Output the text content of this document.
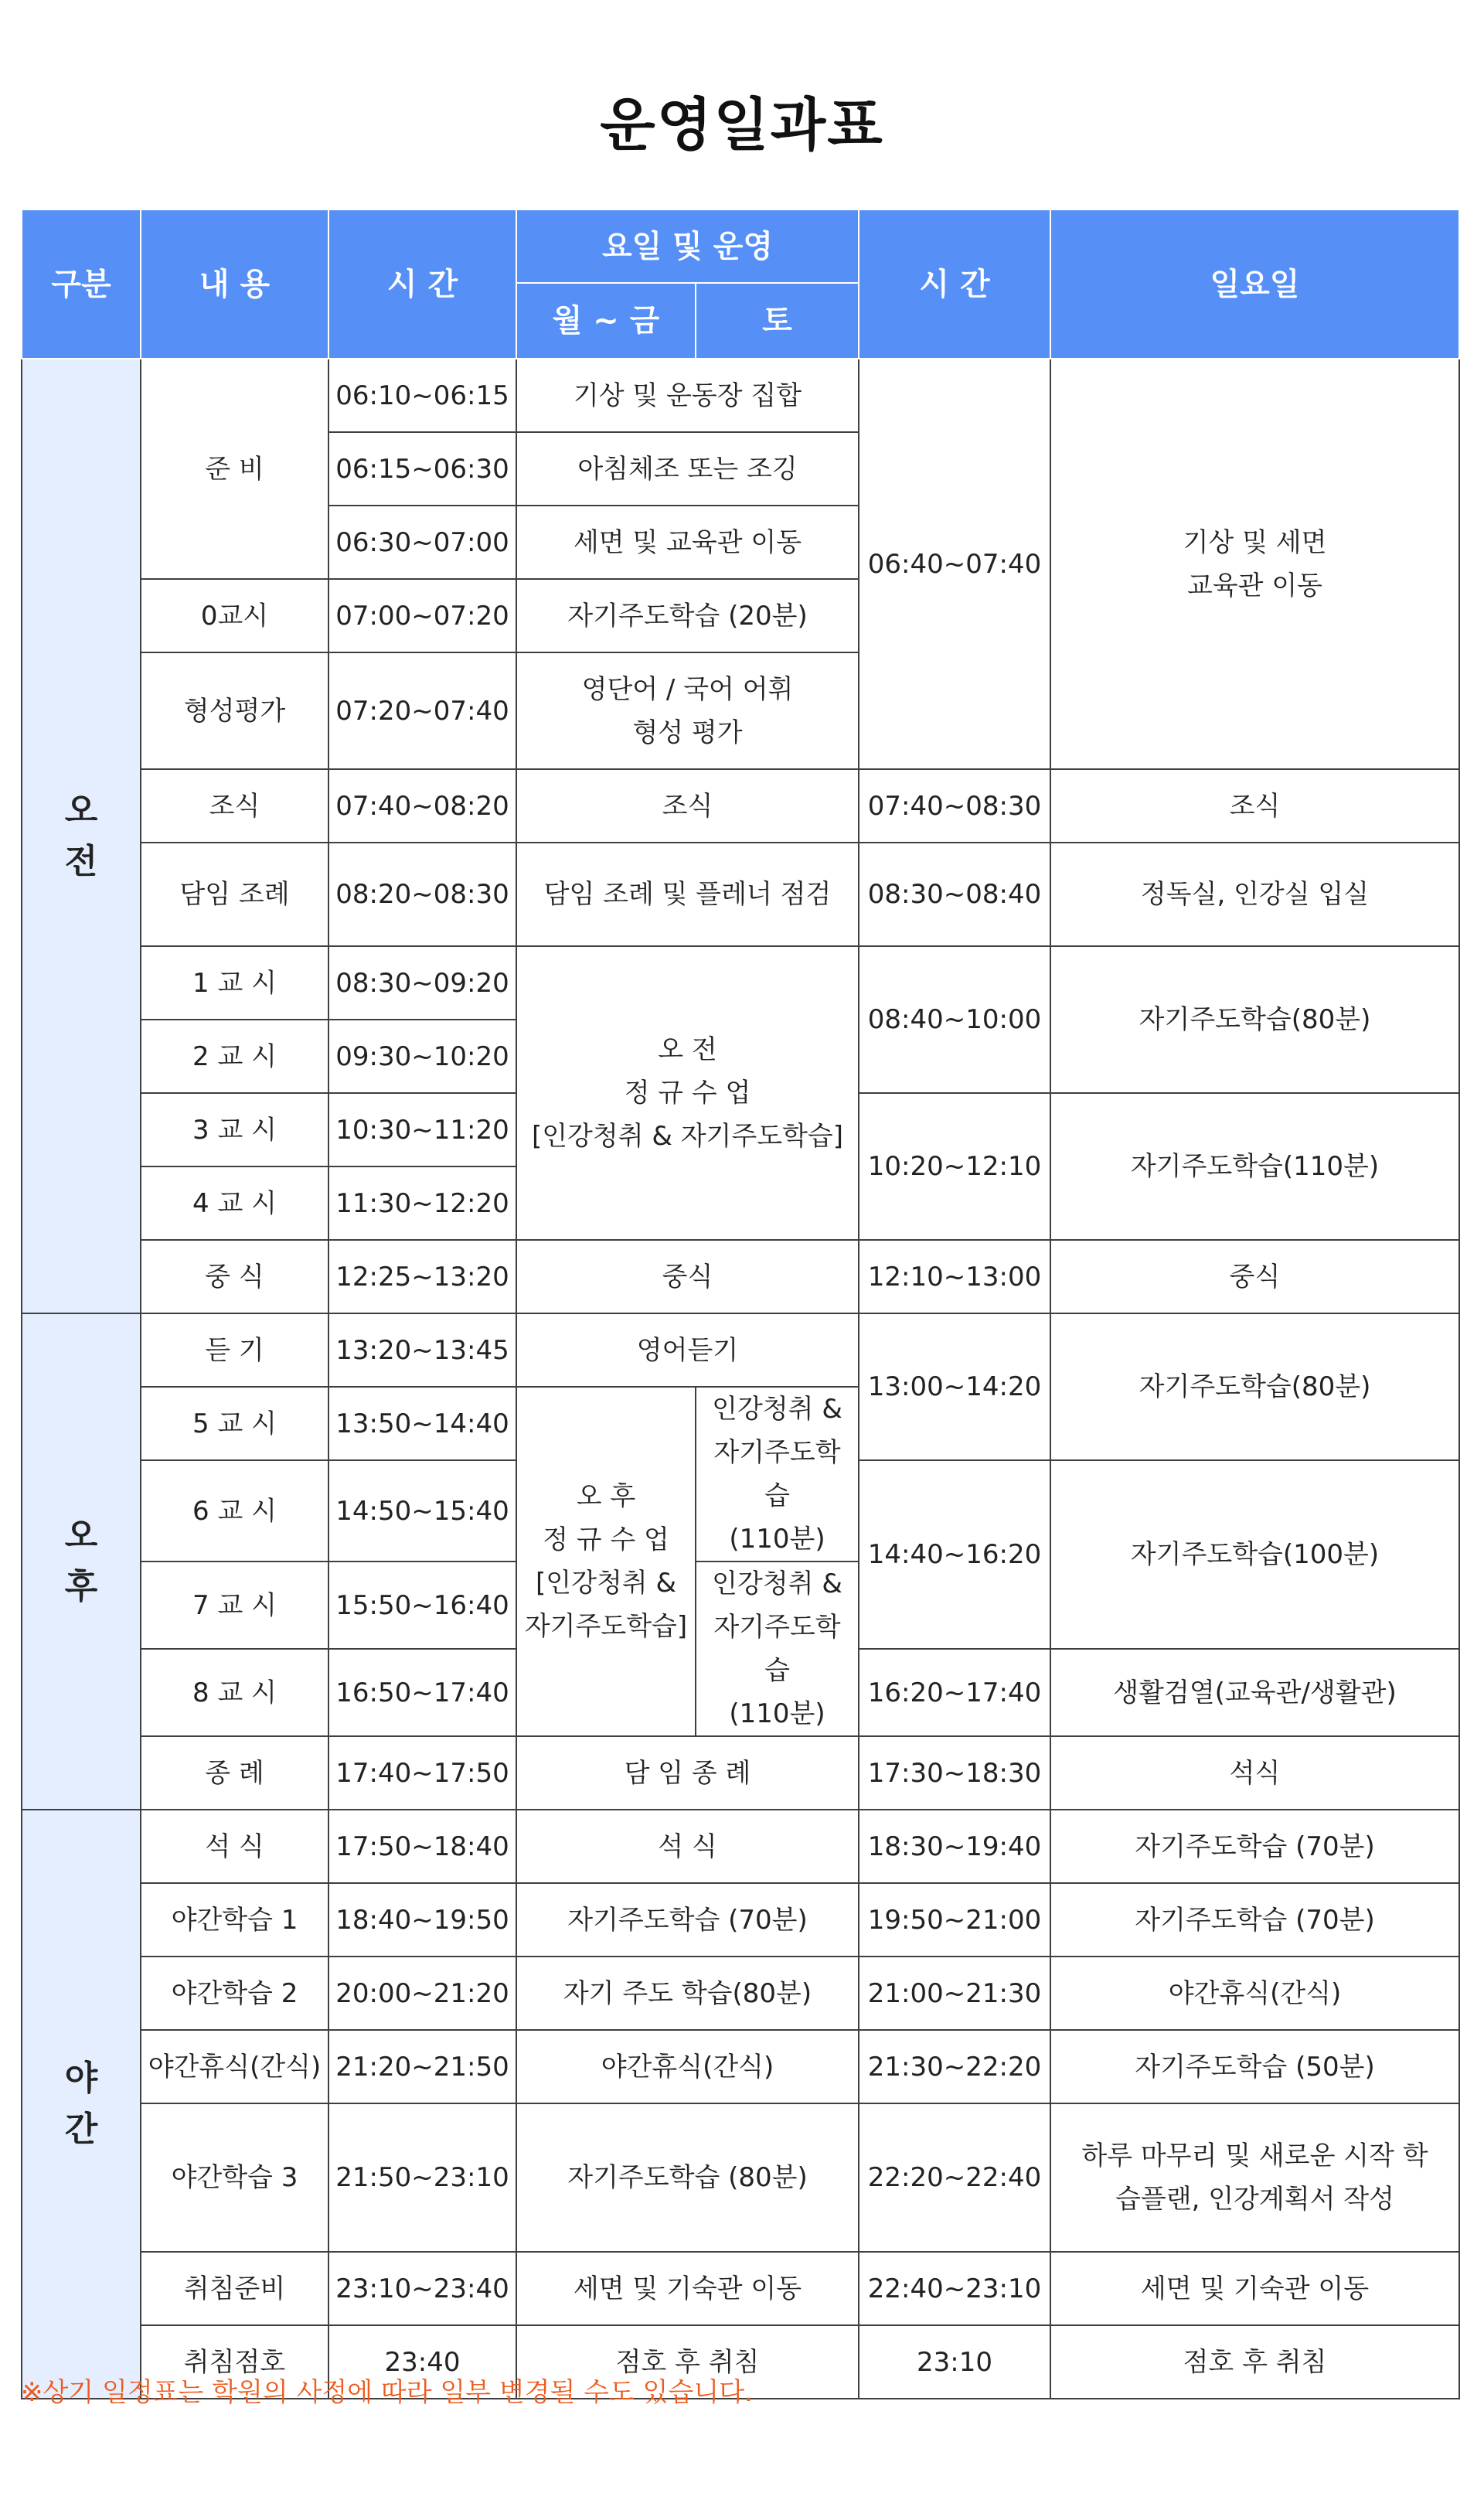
운영일과표
구분	내 용	시 간	요일 및 운영		시 간	일요일
			월 ~ 금	토		
오
전	준 비	06:10~06:15	기상 및 운동장 집합		06:40~07:40	기상 및 세면
교육관 이동
		06:15~06:30	아침체조 또는 조깅			
		06:30~07:00	세면 및 교육관 이동			
	0교시	07:00~07:20	자기주도학습 (20분)			
	형성평가	07:20~07:40	영단어 / 국어 어휘
형성 평가			
	조식	07:40~08:20	조식		07:40~08:30	조식
	담임 조례	08:20~08:30	담임 조례 및 플레너 점검		08:30~08:40	정독실, 인강실 입실
	1 교 시	08:30~09:20	오 전
정 규 수 업
[인강청취 & 자기주도학습]		08:40~10:00	자기주도학습(80분)
	2 교 시	09:30~10:20				
	3 교 시	10:30~11:20			10:20~12:10	자기주도학습(110분)
	4 교 시	11:30~12:20				
	중 식	12:25~13:20	중식		12:10~13:00	중식
오
후	듣 기	13:20~13:45	영어듣기		13:00~14:20	자기주도학습(80분)
	5 교 시	13:50~14:40	오 후
정 규 수 업
[인강청취 &
자기주도학습]	인강청취 &
자기주도학습
(110분)		
	6 교 시	14:50~15:40			14:40~16:20	자기주도학습(100분)
	7 교 시	15:50~16:40		인강청취 &
자기주도학습
(110분)		
	8 교 시	16:50~17:40			16:20~17:40	생활검열(교육관/생활관)
	종 례	17:40~17:50	담 임 종 례		17:30~18:30	석식
야
간	석 식	17:50~18:40	석 식		18:30~19:40	자기주도학습 (70분)
	야간학습 1	18:40~19:50	자기주도학습 (70분)		19:50~21:00	자기주도학습 (70분)
	야간학습 2	20:00~21:20	자기 주도 학습(80분)		21:00~21:30	야간휴식(간식)
	야간휴식(간식)	21:20~21:50	야간휴식(간식)		21:30~22:20	자기주도학습 (50분)
	야간학습 3	21:50~23:10	자기주도학습 (80분)		22:20~22:40	하루 마무리 및 새로운 시작 학
습플랜, 인강계획서 작성
	취침준비	23:10~23:40	세면 및 기숙관 이동		22:40~23:10	세면 및 기숙관 이동
	취침점호	23:40	점호 후 취침		23:10	점호 후 취침

※상기 일정표는 학원의 사정에 따라 일부 변경될 수도 있습니다.
